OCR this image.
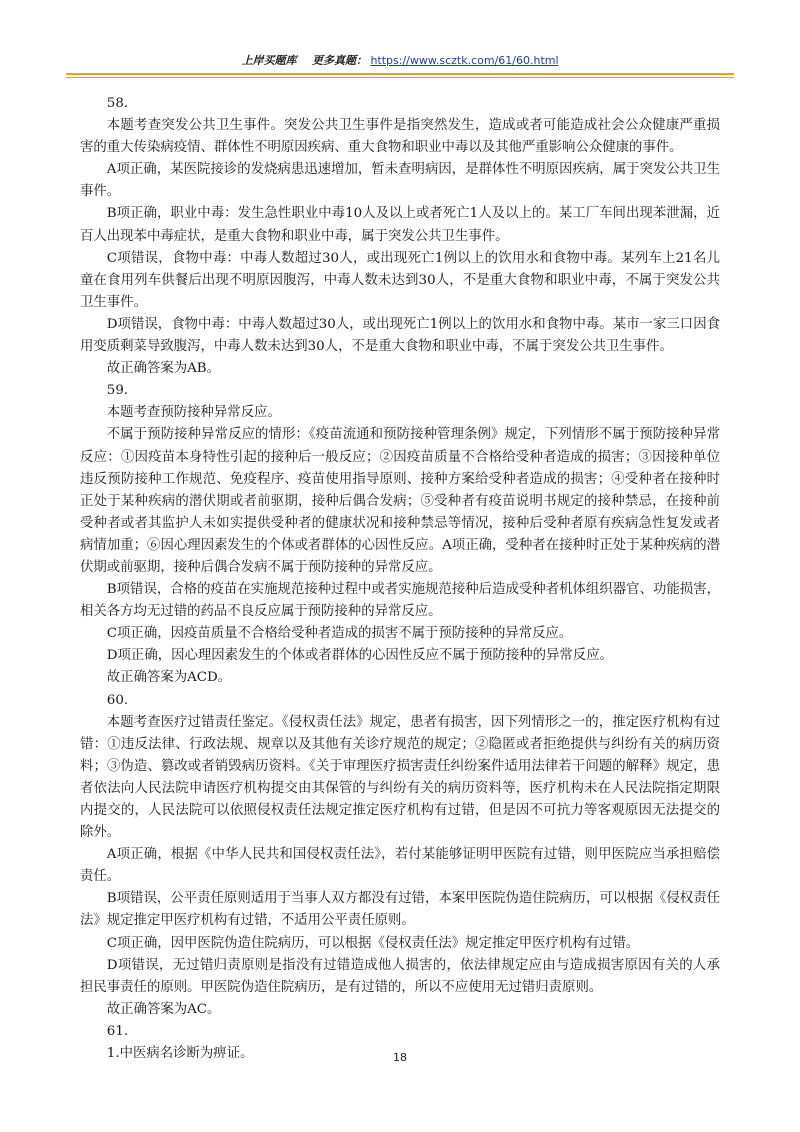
上岸买题库 更多真题： https://www.scztk.com/61/60.html

58.

本题考查突发公共卫生事件。突发公共卫生事件是指突然发生，造成或者可能造成社会公众健康严重损害的重大传染病疫情、群体性不明原因疾病、重大食物和职业中毒以及其他严重影响公众健康的事件。

A项正确，某医院接诊的发烧病患迅速增加，暂未查明病因，是群体性不明原因疾病，属于突发公共卫生事件。

B项正确，职业中毒：发生急性职业中毒10人及以上或者死亡1人及以上的。某工厂车间出现苯泄漏，近百人出现苯中毒症状，是重大食物和职业中毒，属于突发公共卫生事件。

C项错误，食物中毒：中毒人数超过30人，或出现死亡1例以上的饮用水和食物中毒。某列车上21名儿童在食用列车供餐后出现不明原因腹泻，中毒人数未达到30人，不是重大食物和职业中毒，不属于突发公共卫生事件。

D项错误，食物中毒：中毒人数超过30人，或出现死亡1例以上的饮用水和食物中毒。某市一家三口因食用变质剩菜导致腹泻，中毒人数未达到30人，不是重大食物和职业中毒，不属于突发公共卫生事件。

故正确答案为AB。

59.

本题考查预防接种异常反应。

不属于预防接种异常反应的情形：《疫苗流通和预防接种管理条例》规定，下列情形不属于预防接种异常反应：①因疫苗本身特性引起的接种后一般反应；②因疫苗质量不合格给受种者造成的损害；③因接种单位违反预防接种工作规范、免疫程序、疫苗使用指导原则、接种方案给受种者造成的损害；④受种者在接种时正处于某种疾病的潜伏期或者前驱期，接种后偶合发病；⑤受种者有疫苗说明书规定的接种禁忌，在接种前受种者或者其监护人未如实提供受种者的健康状况和接种禁忌等情况，接种后受种者原有疾病急性复发或者病情加重；⑥因心理因素发生的个体或者群体的心因性反应。A项正确，受种者在接种时正处于某种疾病的潜伏期或前驱期，接种后偶合发病不属于预防接种的异常反应。

B项错误，合格的疫苗在实施规范接种过程中或者实施规范接种后造成受种者机体组织器官、功能损害，相关各方均无过错的药品不良反应属于预防接种的异常反应。

C项正确，因疫苗质量不合格给受种者造成的损害不属于预防接种的异常反应。

D项正确，因心理因素发生的个体或者群体的心因性反应不属于预防接种的异常反应。

故正确答案为ACD。

60.

本题考查医疗过错责任鉴定。《侵权责任法》规定，患者有损害，因下列情形之一的，推定医疗机构有过错：①违反法律、行政法规、规章以及其他有关诊疗规范的规定；②隐匿或者拒绝提供与纠纷有关的病历资料；③伪造、篡改或者销毁病历资料。《关于审理医疗损害责任纠纷案件适用法律若干问题的解释》规定，患者依法向人民法院申请医疗机构提交由其保管的与纠纷有关的病历资料等，医疗机构未在人民法院指定期限内提交的，人民法院可以依照侵权责任法规定推定医疗机构有过错，但是因不可抗力等客观原因无法提交的除外。

A项正确，根据《中华人民共和国侵权责任法》，若付某能够证明甲医院有过错，则甲医院应当承担赔偿责任。

B项错误，公平责任原则适用于当事人双方都没有过错，本案甲医院伪造住院病历，可以根据《侵权责任法》规定推定甲医疗机构有过错，不适用公平责任原则。

C项正确，因甲医院伪造住院病历，可以根据《侵权责任法》规定推定甲医疗机构有过错。

D项错误，无过错归责原则是指没有过错造成他人损害的，依法律规定应由与造成损害原因有关的人承担民事责任的原则。甲医院伪造住院病历，是有过错的，所以不应使用无过错归责原则。

故正确答案为AC。

61.

1.中医病名诊断为痹证。	18
